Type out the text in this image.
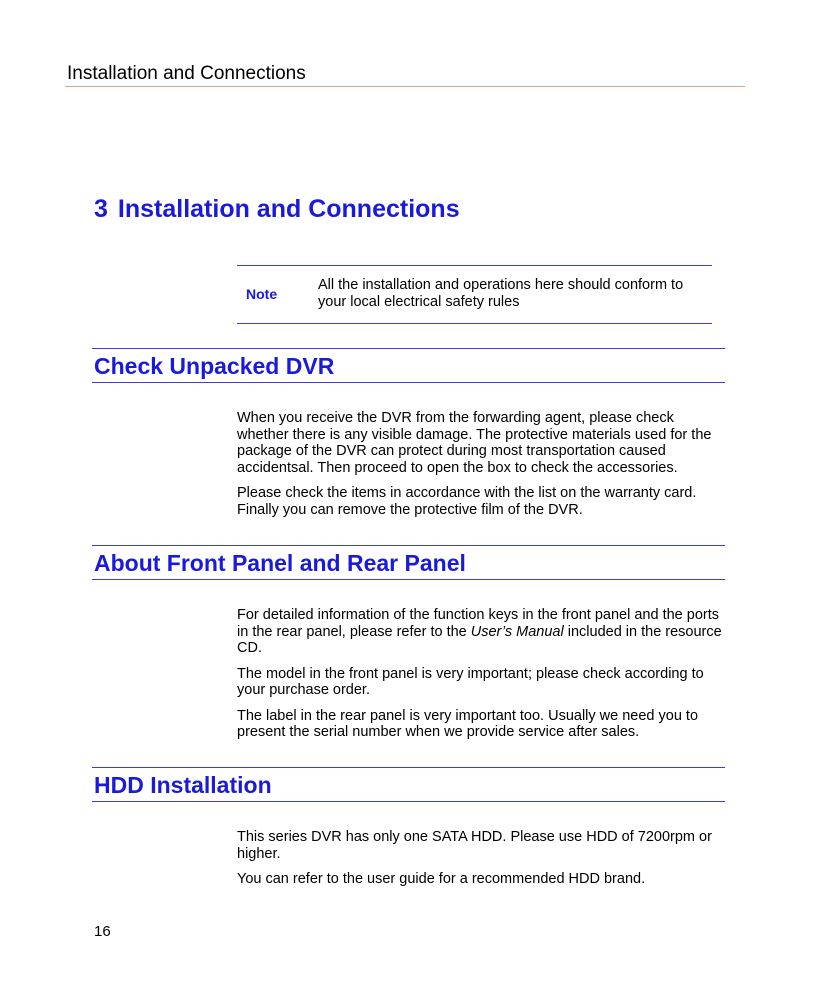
Installation and Connections
3 Installation and Connections
Note
All the installation and operations here should conform to your local electrical safety rules
Check Unpacked DVR

When you receive the DVR from the forwarding agent, please check whether there is any visible damage. The protective materials used for the package of the DVR can protect during most transportation caused accidentsal. Then proceed to open the box to check the accessories.

Please check the items in accordance with the list on the warranty card. Finally you can remove the protective film of the DVR.

About Front Panel and Rear Panel

For detailed information of the function keys in the front panel and the ports in the rear panel, please refer to the User’s Manual included in the resource CD.

The model in the front panel is very important; please check according to your purchase order.

The label in the rear panel is very important too. Usually we need you to present the serial number when we provide service after sales.

HDD Installation

This series DVR has only one SATA HDD. Please use HDD of 7200rpm or higher.

You can refer to the user guide for a recommended HDD brand.

16
